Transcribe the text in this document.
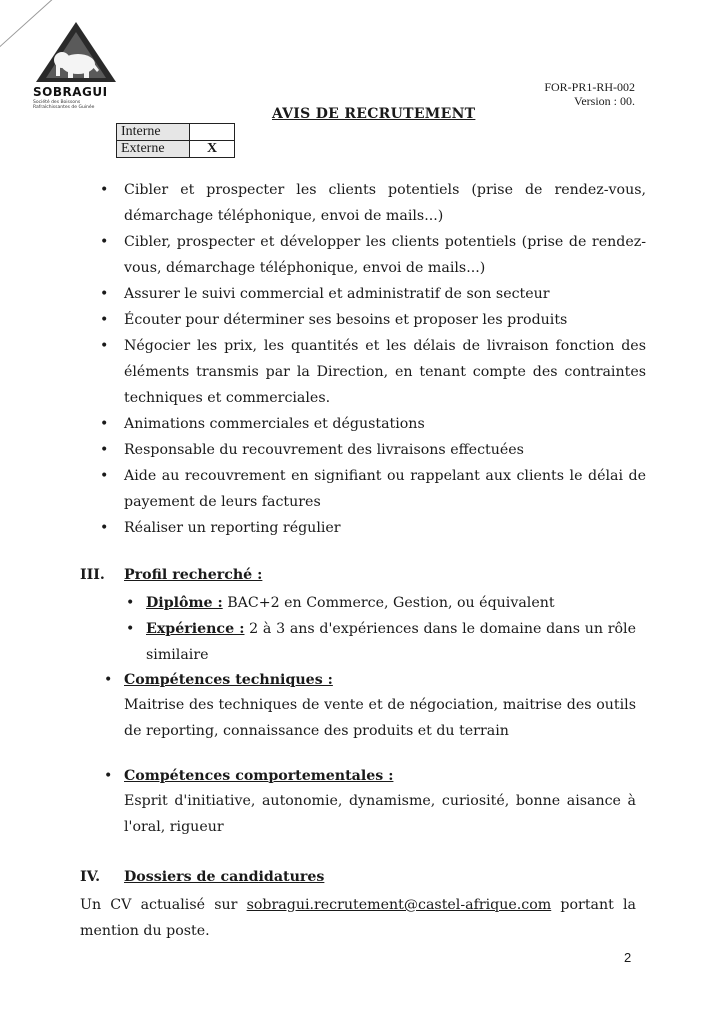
SOBRAGUI
Société des Boissons Rafraîchissantes de Guinée
FOR-PR1-RH-002
Version : 00.
AVIS DE RECRUTEMENT
Interne	
Externe	X
• Cibler et prospecter les clients potentiels (prise de rendez-vous, démarchage téléphonique, envoi de mails...)
• Cibler, prospecter et développer les clients potentiels (prise de rendez-vous, démarchage téléphonique, envoi de mails...)
• Assurer le suivi commercial et administratif de son secteur
• Écouter pour déterminer ses besoins et proposer les produits
• Négocier les prix, les quantités et les délais de livraison fonction des éléments transmis par la Direction, en tenant compte des contraintes techniques et commerciales.
• Animations commerciales et dégustations
• Responsable du recouvrement des livraisons effectuées
• Aide au recouvrement en signifiant ou rappelant aux clients le délai de payement de leurs factures
• Réaliser un reporting régulier
III. Profil recherché :
• Diplôme : BAC+2 en Commerce, Gestion, ou équivalent
• Expérience : 2 à 3 ans d'expériences dans le domaine dans un rôle similaire
• Compétences techniques :
Maitrise des techniques de vente et de négociation, maitrise des outils de reporting, connaissance des produits et du terrain
• Compétences comportementales :
Esprit d'initiative, autonomie, dynamisme, curiosité, bonne aisance à l'oral, rigueur
IV. Dossiers de candidatures
Un CV actualisé sur sobragui.recrutement@castel-afrique.com portant la mention du poste.
2
